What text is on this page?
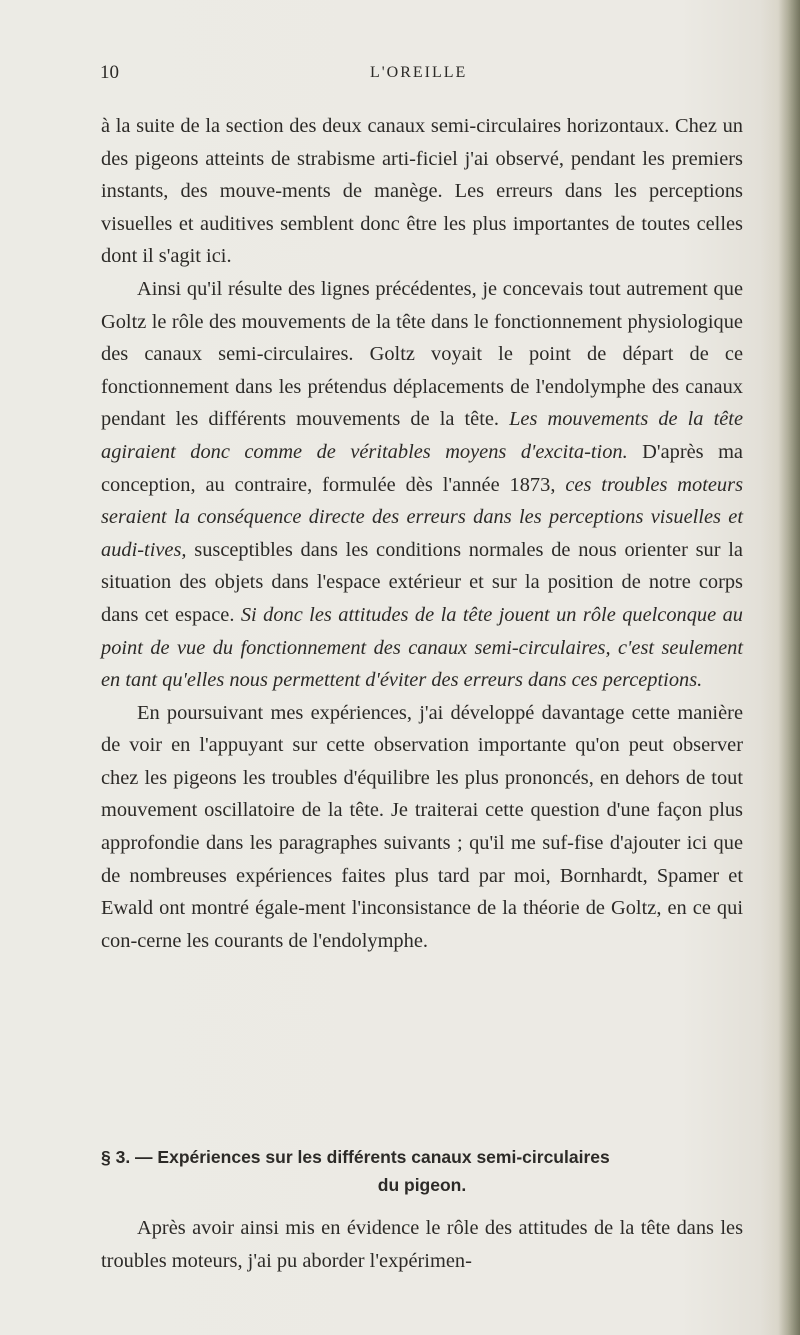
10	L'OREILLE

à la suite de la section des deux canaux semi-circulaires horizontaux. Chez un des pigeons atteints de strabisme arti-ficiel j'ai observé, pendant les premiers instants, des mouve-ments de manège. Les erreurs dans les perceptions visuelles et auditives semblent donc être les plus importantes de toutes celles dont il s'agit ici.

Ainsi qu'il résulte des lignes précédentes, je concevais tout autrement que Goltz le rôle des mouvements de la tête dans le fonctionnement physiologique des canaux semi-circulaires. Goltz voyait le point de départ de ce fonctionnement dans les prétendus déplacements de l'endolymphe des canaux pendant les différents mouvements de la tête. Les mouvements de la tête agiraient donc comme de véritables moyens d'excita-tion. D'après ma conception, au contraire, formulée dès l'année 1873, ces troubles moteurs seraient la conséquence directe des erreurs dans les perceptions visuelles et audi-tives, susceptibles dans les conditions normales de nous orienter sur la situation des objets dans l'espace extérieur et sur la position de notre corps dans cet espace. Si donc les attitudes de la tête jouent un rôle quelconque au point de vue du fonctionnement des canaux semi-circulaires, c'est seulement en tant qu'elles nous permettent d'éviter des erreurs dans ces perceptions.

En poursuivant mes expériences, j'ai développé davantage cette manière de voir en l'appuyant sur cette observation importante qu'on peut observer chez les pigeons les troubles d'équilibre les plus prononcés, en dehors de tout mouvement oscillatoire de la tête. Je traiterai cette question d'une façon plus approfondie dans les paragraphes suivants ; qu'il me suf-fise d'ajouter ici que de nombreuses expériences faites plus tard par moi, Bornhardt, Spamer et Ewald ont montré égale-ment l'inconsistance de la théorie de Goltz, en ce qui con-cerne les courants de l'endolymphe.

§ 3. — Expériences sur les différents canaux semi-circulaires
du pigeon.

Après avoir ainsi mis en évidence le rôle des attitudes de la tête dans les troubles moteurs, j'ai pu aborder l'expérimen-
